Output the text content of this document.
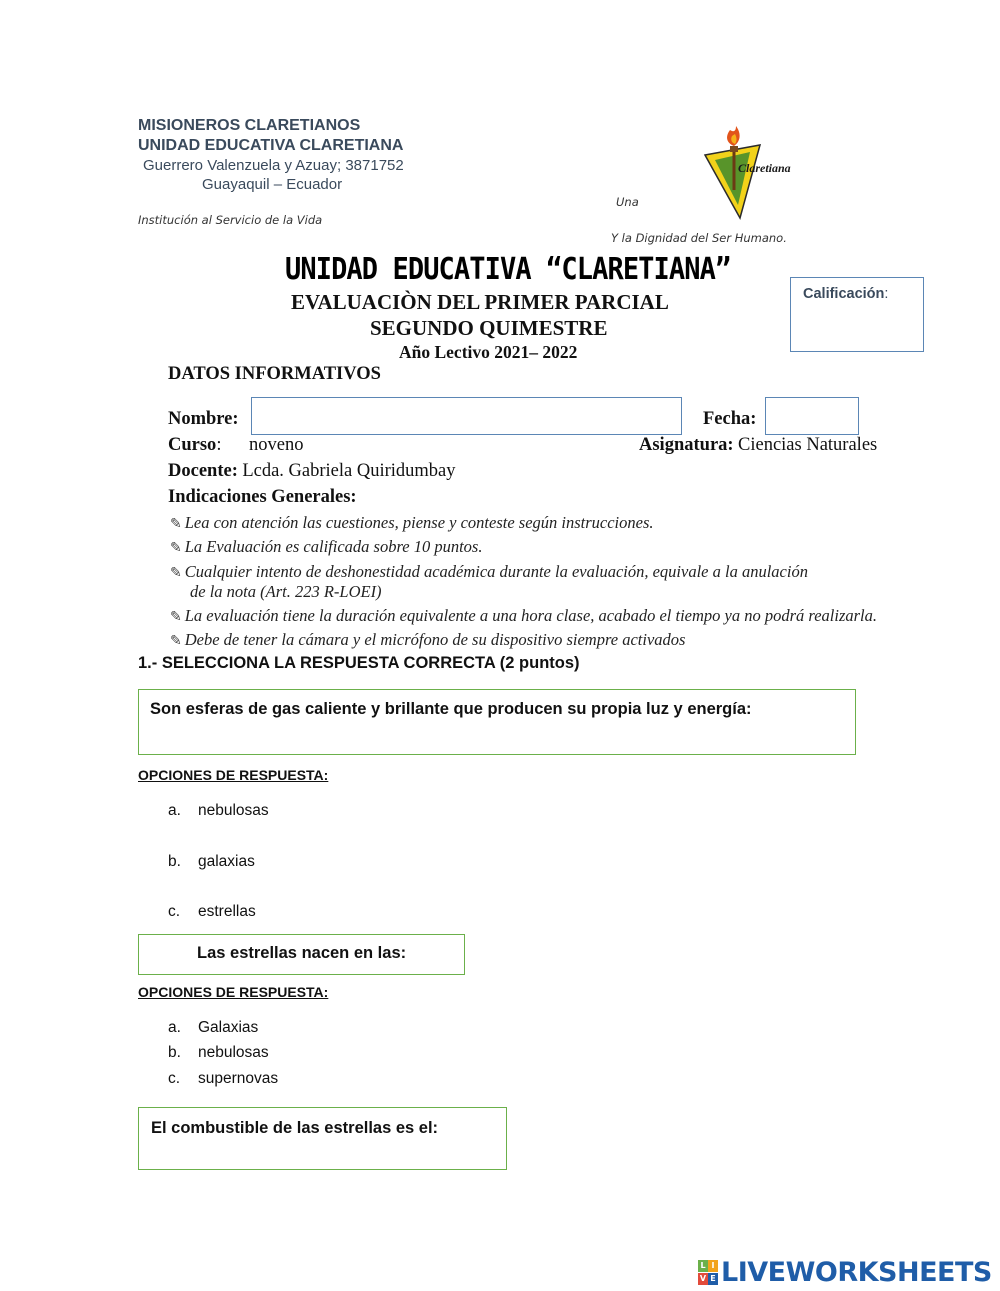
MISIONEROS CLARETIANOS
UNIDAD EDUCATIVA CLARETIANA
Guerrero Valenzuela y Azuay; 3871752
Guayaquil – Ecuador
Institución al Servicio de la Vida
Una
Y la Dignidad del Ser Humano.
Claretiana
UNIDAD EDUCATIVA “CLARETIANA”
EVALUACIÒN DEL PRIMER PARCIAL
SEGUNDO QUIMESTRE
Año Lectivo 2021– 2022
Calificación:
DATOS INFORMATIVOS
Nombre:	Fecha:
Curso: noveno	Asignatura: Ciencias Naturales
Docente: Lcda. Gabriela Quiridumbay
Indicaciones Generales:
✎ Lea con atención las cuestiones, piense y conteste según instrucciones.
✎ La Evaluación es calificada sobre 10 puntos.
✎ Cualquier intento de deshonestidad académica durante la evaluación, equivale a la anulación
de la nota (Art. 223 R-LOEI)
✎ La evaluación tiene la duración equivalente a una hora clase, acabado el tiempo ya no podrá realizarla.
✎ Debe de tener la cámara y el micrófono de su dispositivo siempre activados
1.- SELECCIONA LA RESPUESTA CORRECTA (2 puntos)
Son esferas de gas caliente y brillante que producen su propia luz y energía:
OPCIONES DE RESPUESTA:
a. nebulosas
b. galaxias
c. estrellas
Las estrellas nacen en las:
OPCIONES DE RESPUESTA:
a. Galaxias
b. nebulosas
c. supernovas
El combustible de las estrellas es el:
L I
V E LIVEWORKSHEETS
